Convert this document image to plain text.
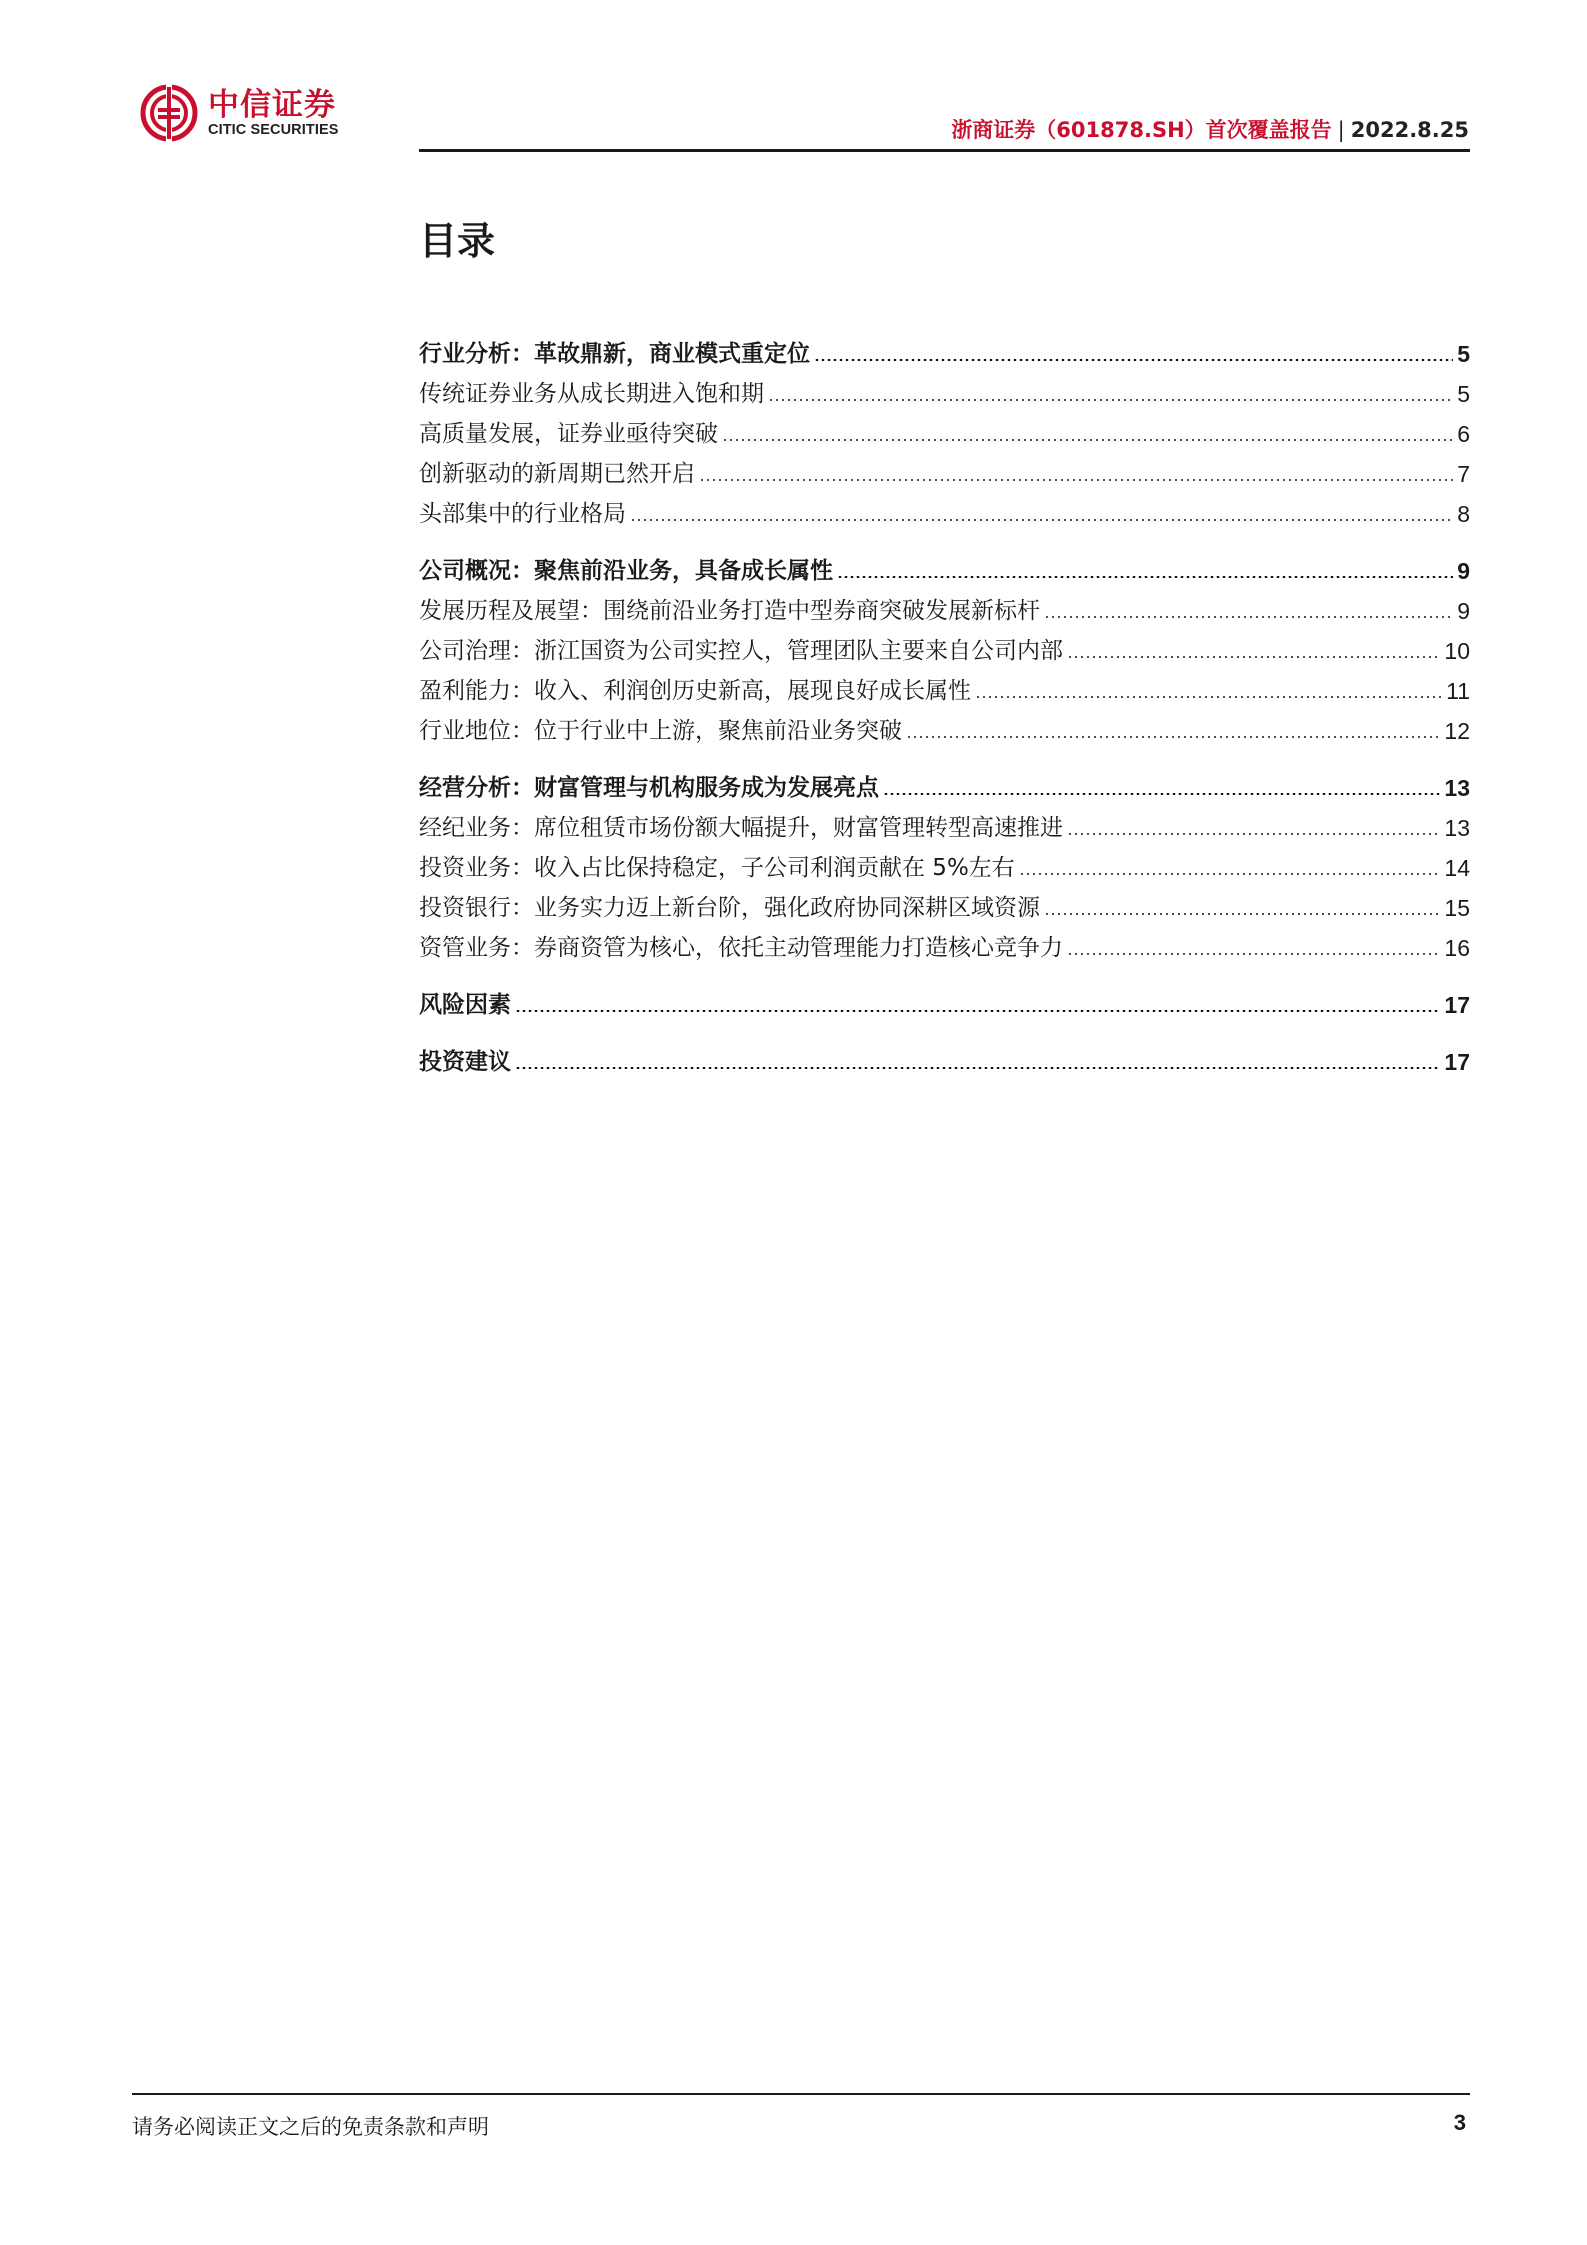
中信证券
CITIC SECURITIES	浙商证券（601878.SH）首次覆盖报告 | 2022.8.25
目录
行业分析：革故鼎新，商业模式重定位	5
传统证券业务从成长期进入饱和期	5
高质量发展，证券业亟待突破	6
创新驱动的新周期已然开启	7
头部集中的行业格局	8
公司概况：聚焦前沿业务，具备成长属性	9
发展历程及展望：围绕前沿业务打造中型券商突破发展新标杆	9
公司治理：浙江国资为公司实控人，管理团队主要来自公司内部	10
盈利能力：收入、利润创历史新高，展现良好成长属性	11
行业地位：位于行业中上游，聚焦前沿业务突破	12
经营分析：财富管理与机构服务成为发展亮点	13
经纪业务：席位租赁市场份额大幅提升，财富管理转型高速推进	13
投资业务：收入占比保持稳定，子公司利润贡献在 5%左右	14
投资银行：业务实力迈上新台阶，强化政府协同深耕区域资源	15
资管业务：券商资管为核心，依托主动管理能力打造核心竞争力	16
风险因素	17
投资建议	17
请务必阅读正文之后的免责条款和声明	3
